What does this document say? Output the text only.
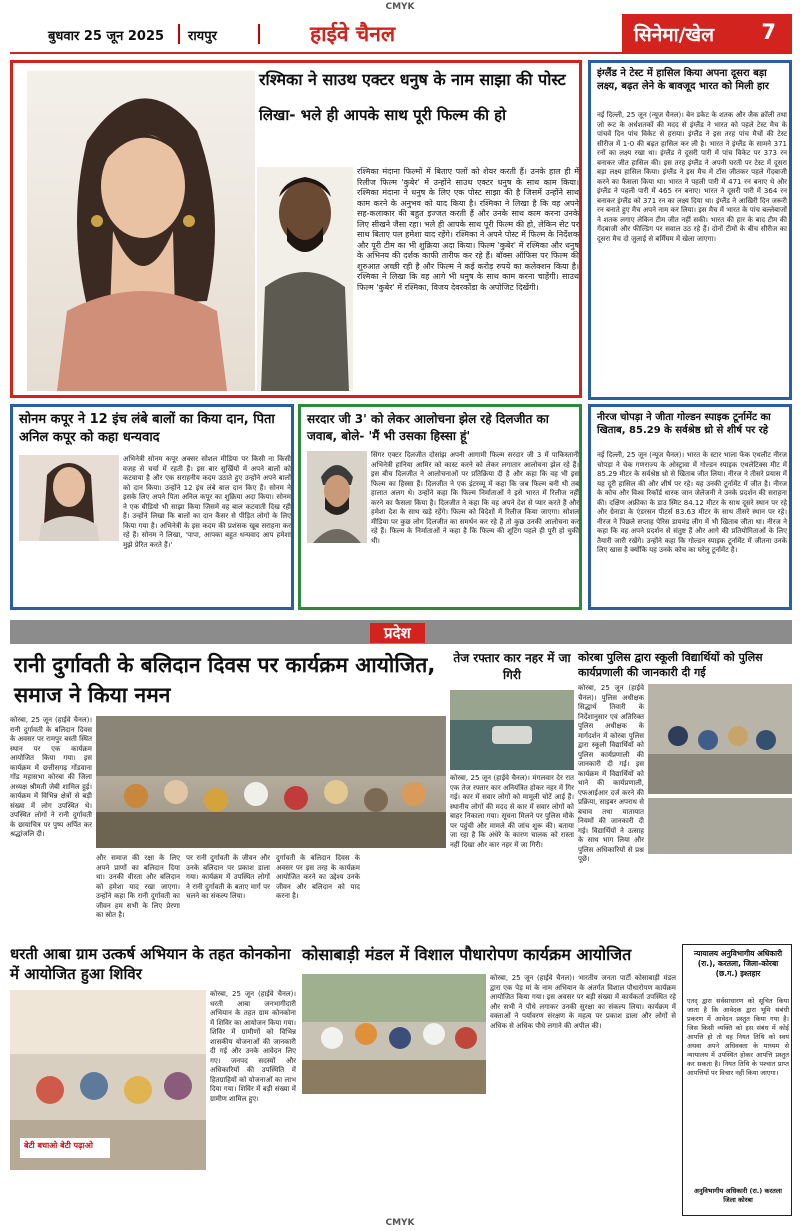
CMYK
बुधवार 25 जून 2025 रायपुर	हाईवे चैनल	सिनेमा/खेल 7
रश्मिका ने साउथ एक्टर धनुष के नाम साझा की पोस्ट
लिखा- भले ही आपके साथ पूरी फिल्म की हो
रश्मिका मंदाना फिल्मों में बिताए पलों को शेयर करती हैं। उनके हाल ही में रिलीज फिल्म 'कुबेर' में उन्होंने साउथ एक्टर धनुष के साथ काम किया। रश्मिका मंदाना ने धनुष के लिए एक पोस्ट साझा की है जिसमें उन्होंने साथ काम करने के अनुभव को याद किया है। रश्मिका ने लिखा है कि वह अपने सह-कलाकार की बहुत इज्जत करती हैं और उनके साथ काम करना उनके लिए सीखने जैसा रहा। भले ही आपके साथ पूरी फिल्म की हो, लेकिन सेट पर साथ बिताए पल हमेशा याद रहेंगे। रश्मिका ने अपने पोस्ट में फिल्म के निर्देशक और पूरी टीम का भी शुक्रिया अदा किया। फिल्म 'कुबेर' में रश्मिका और धनुष के अभिनय की दर्शक काफी तारीफ कर रहे हैं। बॉक्स ऑफिस पर फिल्म की शुरुआत अच्छी रही है और फिल्म ने कई करोड़ रुपये का कलेक्शन किया है। रश्मिका ने लिखा कि वह आगे भी धनुष के साथ काम करना चाहेंगी। साउथ फिल्म 'कुबेर' में रश्मिका, विजय देवरकोंडा के अपोजिट दिखेंगी।
इंग्लैंड ने टेस्ट में हासिल किया अपना दूसरा बड़ा लक्ष्य, बढ़त लेने के बावजूद भारत को मिली हार
नई दिल्ली, 25 जून (न्यूज चैनल)। बेन डकेट के शतक और जैक क्रॉली तथा जो रूट के अर्धशतकों की मदद से इंग्लैंड ने भारत को पहले टेस्ट मैच के पांचवें दिन पांच विकेट से हराया। इंग्लैंड ने इस तरह पांच मैचों की टेस्ट सीरीज में 1-0 की बढ़त हासिल कर ली है। भारत ने इंग्लैंड के सामने 371 रनों का लक्ष्य रखा था। इंग्लैंड ने दूसरी पारी में पांच विकेट पर 373 रन बनाकर जीत हासिल की। इस तरह इंग्लैंड ने अपनी घरती पर टेस्ट में दूसरा बड़ा लक्ष्य हासिल किया। इंग्लैंड ने इस मैच में टॉस जीतकर पहले गेंदबाजी करने का फैसला किया था। भारत ने पहली पारी में 471 रन बनाए थे और इंग्लैंड ने पहली पारी में 465 रन बनाए। भारत ने दूसरी पारी में 364 रन बनाकर इंग्लैंड को 371 रन का लक्ष्य दिया था। इंग्लैंड ने आखिरी दिन जरूरी रन बनाते हुए मैच अपने नाम कर लिया। इस मैच में भारत के पांच बल्लेबाजों ने शतक लगाए लेकिन टीम जीत नहीं सकी। भारत की हार के बाद टीम की गेंदबाजी और फील्डिंग पर सवाल उठ रहे हैं। दोनों टीमों के बीच सीरीज का दूसरा मैच दो जुलाई से बर्मिंघम में खेला जाएगा।
नीरज चोपड़ा ने जीता गोल्डन स्पाइक टूर्नामेंट का खिताब, 85.29 के सर्वश्रेष्ठ थ्रो से शीर्ष पर रहे
नई दिल्ली, 25 जून (न्यूज चैनल)। भारत के स्टार भाला फेंक एथलीट नीरज चोपड़ा ने चेक गणराज्य के ओस्ट्रावा में गोल्डन स्पाइक एथलेटिक्स मीट में 85.29 मीटर के सर्वश्रेष्ठ थ्रो से खिताब जीत लिया। नीरज ने तीसरे प्रयास में यह दूरी हासिल की और शीर्ष पर रहे। यह उनकी टूर्नामेंट में जीत है। नीरज के कोच और विश्व रिकॉर्ड धारक जान जेलेजनी ने उनके प्रदर्शन की सराहना की। दक्षिण अफ्रीका के डाउ स्मिट 84.12 मीटर के साथ दूसरे स्थान पर रहे और ग्रेनाडा के एंडरसन पीटर्स 83.63 मीटर के साथ तीसरे स्थान पर रहे। नीरज ने पिछले सप्ताह पेरिस डायमंड लीग में भी खिताब जीता था। नीरज ने कहा कि वह अपने प्रदर्शन से संतुष्ट हैं और आगे की प्रतियोगिताओं के लिए तैयारी जारी रखेंगे। उन्होंने कहा कि गोल्डन स्पाइक टूर्नामेंट में जीतना उनके लिए खास है क्योंकि यह उनके कोच का घरेलू टूर्नामेंट है।
सोनम कपूर ने 12 इंच लंबे बालों का किया दान, पिता अनिल कपूर को कहा धन्यवाद
अभिनेत्री सोनम कपूर अक्सर सोशल मीडिया पर किसी ना किसी वजह से चर्चा में रहती हैं। इस बार सुर्खियों में अपने बालों को कटवाया है और एक सराहनीय कदम उठाते हुए उन्होंने अपने बालों को दान किया। उन्होंने 12 इंच लंबे बाल दान किए हैं। सोनम ने इसके लिए अपने पिता अनिल कपूर का शुक्रिया अदा किया। सोनम ने एक वीडियो भी साझा किया जिसमें वह बाल कटवाती दिख रही हैं। उन्होंने लिखा कि बालों का दान कैंसर से पीड़ित लोगों के लिए किया गया है। अभिनेत्री के इस कदम की प्रशंसक खूब सराहना कर रहे हैं। सोनम ने लिखा, 'पापा, आपका बहुत धन्यवाद आप हमेशा मुझे प्रेरित करते हैं।'
सरदार जी 3' को लेकर आलोचना झेल रहे दिलजीत का जवाब, बोले- 'मैं भी उसका हिस्सा हूं'
सिंगर एक्टर दिलजीत दोसांझ अपनी आगामी फिल्म सरदार जी 3 में पाकिस्तानी अभिनेत्री हानिया आमिर को कास्ट करने को लेकर लगातार आलोचना झेल रहे हैं। इस बीच दिलजीत ने आलोचनाओं पर प्रतिक्रिया दी है और कहा कि वह भी इस फिल्म का हिस्सा हैं। दिलजीत ने एक इंटरव्यू में कहा कि जब फिल्म बनी थी तब हालात अलग थे। उन्होंने कहा कि फिल्म निर्माताओं ने इसे भारत में रिलीज नहीं करने का फैसला किया है। दिलजीत ने कहा कि वह अपने देश से प्यार करते हैं और हमेशा देश के साथ खड़े रहेंगे। फिल्म को विदेशों में रिलीज किया जाएगा। सोशल मीडिया पर कुछ लोग दिलजीत का समर्थन कर रहे हैं तो कुछ उनकी आलोचना कर रहे हैं। फिल्म के निर्माताओं ने कहा है कि फिल्म की शूटिंग पहले ही पूरी हो चुकी थी।
प्रदेश
रानी दुर्गावती के बलिदान दिवस पर कार्यक्रम आयोजित, समाज ने किया नमन
कोरबा, 25 जून (हाईवे चैनल)। रानी दुर्गावती के बलिदान दिवस के अवसर पर रामपुर बस्ती स्थित स्थान पर एक कार्यक्रम आयोजित किया गया। इस कार्यक्रम में छत्तीसगढ़ गोंडवाना गोंड महासभा कोरबा की जिला अध्यक्ष श्रीमती जेबी शामिल हुई। कार्यक्रम में विभिन्न क्षेत्रों से बड़ी संख्या में लोग उपस्थित थे। उपस्थित लोगों ने रानी दुर्गावती के छायाचित्र पर पुष्प अर्पित कर श्रद्धांजलि दी।
और समाज की रक्षा के लिए अपने प्राणों का बलिदान दिया था। उनकी वीरता और बलिदान को हमेशा याद रखा जाएगा। उन्होंने कहा कि रानी दुर्गावती का जीवन हम सभी के लिए प्रेरणा का स्रोत है।
पर रानी दुर्गावती के जीवन और उनके बलिदान पर प्रकाश डाला गया। कार्यक्रम में उपस्थित लोगों ने रानी दुर्गावती के बताए मार्ग पर चलने का संकल्प लिया।
दुर्गावती के बलिदान दिवस के अवसर पर इस तरह के कार्यक्रम आयोजित करने का उद्देश्य उनके जीवन और बलिदान को याद करना है।
तेज रफ्तार कार नहर में जा गिरी
कोरबा, 25 जून (हाईवे चैनल)। मंगलवार देर रात एक तेज रफ्तार कार अनियंत्रित होकर नहर में गिर गई। कार में सवार लोगों को मामूली चोटें आई हैं। स्थानीय लोगों की मदद से कार में सवार लोगों को बाहर निकाला गया। सूचना मिलने पर पुलिस मौके पर पहुंची और मामले की जांच शुरू की। बताया जा रहा है कि अंधेरे के कारण चालक को रास्ता नहीं दिखा और कार नहर में जा गिरी।
कोरबा पुलिस द्वारा स्कूली विद्यार्थियों को पुलिस कार्यप्रणाली की जानकारी दी गई
कोरबा, 25 जून (हाईवे चैनल)। पुलिस अधीक्षक सिद्धार्थ तिवारी के निर्देशानुसार एवं अतिरिक्त पुलिस अधीक्षक के मार्गदर्शन में कोरबा पुलिस द्वारा स्कूली विद्यार्थियों को पुलिस कार्यप्रणाली की जानकारी दी गई। इस कार्यक्रम में विद्यार्थियों को थाने की कार्यप्रणाली, एफआईआर दर्ज करने की प्रक्रिया, साइबर अपराध से बचाव तथा यातायात नियमों की जानकारी दी गई। विद्यार्थियों ने उत्साह के साथ भाग लिया और पुलिस अधिकारियों से प्रश्न पूछे।
धरती आबा ग्राम उत्कर्ष अभियान के तहत कोनकोना में आयोजित हुआ शिविर
बेटी बचाओ बेटी पढ़ाओ
कोरबा, 25 जून (हाईवे चैनल)। धरती आबा जनभागीदारी अभियान के तहत ग्राम कोनकोना में शिविर का आयोजन किया गया। शिविर में ग्रामीणों को विभिन्न शासकीय योजनाओं की जानकारी दी गई और उनके आवेदन लिए गए। जनपद सदस्यों और अधिकारियों की उपस्थिति में हितग्राहियों को योजनाओं का लाभ दिया गया। शिविर में बड़ी संख्या में ग्रामीण शामिल हुए।
कोसाबाड़ी मंडल में विशाल पौधारोपण कार्यक्रम आयोजित
कोरबा, 25 जून (हाईवे चैनल)। भारतीय जनता पार्टी कोसाबाड़ी मंडल द्वारा एक पेड़ मां के नाम अभियान के अंतर्गत विशाल पौधारोपण कार्यक्रम आयोजित किया गया। इस अवसर पर बड़ी संख्या में कार्यकर्ता उपस्थित रहे और सभी ने पौधे लगाकर उनकी सुरक्षा का संकल्प लिया। कार्यक्रम में वक्ताओं ने पर्यावरण संरक्षण के महत्व पर प्रकाश डाला और लोगों से अधिक से अधिक पौधे लगाने की अपील की।
न्यायालय अनुविभागीय अधिकारी (रा.), करतला, जिला-कोरबा (छ.ग.) इश्तहार
एतद् द्वारा सर्वसाधारण को सूचित किया जाता है कि आवेदक द्वारा भूमि संबंधी प्रकरण में आवेदन प्रस्तुत किया गया है। जिस किसी व्यक्ति को इस संबंध में कोई आपत्ति हो तो वह नियत तिथि को स्वयं अथवा अपने अधिवक्ता के माध्यम से न्यायालय में उपस्थित होकर आपत्ति प्रस्तुत कर सकता है। नियत तिथि के पश्चात प्राप्त आपत्तियों पर विचार नहीं किया जाएगा।
अनुविभागीय अधिकारी (रा.) करतला जिला कोरबा
CMYK
